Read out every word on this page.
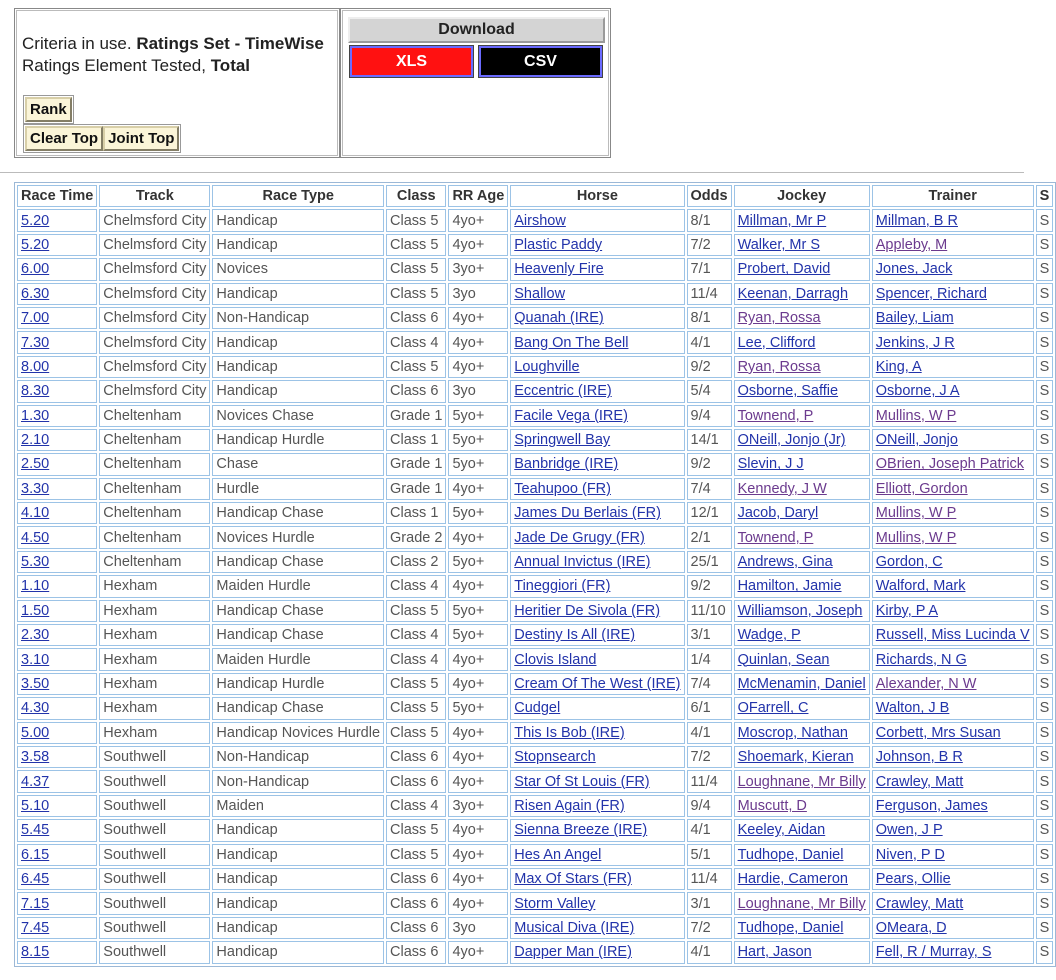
Criteria in use. Ratings Set - TimeWise
Ratings Element Tested, Total
Rank
Clear Top Joint Top
Download
XLS	CSV
Race Time	Track	Race Type	Class	RR Age	Horse	Odds	Jockey	Trainer	S
5.20	Chelmsford City	Handicap	Class 5	4yo+	Airshow	8/1	Millman, Mr P	Millman, B R	S
5.20	Chelmsford City	Handicap	Class 5	4yo+	Plastic Paddy	7/2	Walker, Mr S	Appleby, M	S
6.00	Chelmsford City	Novices	Class 5	3yo+	Heavenly Fire	7/1	Probert, David	Jones, Jack	S
6.30	Chelmsford City	Handicap	Class 5	3yo	Shallow	11/4	Keenan, Darragh	Spencer, Richard	S
7.00	Chelmsford City	Non-Handicap	Class 6	4yo+	Quanah (IRE)	8/1	Ryan, Rossa	Bailey, Liam	S
7.30	Chelmsford City	Handicap	Class 4	4yo+	Bang On The Bell	4/1	Lee, Clifford	Jenkins, J R	S
8.00	Chelmsford City	Handicap	Class 5	4yo+	Loughville	9/2	Ryan, Rossa	King, A	S
8.30	Chelmsford City	Handicap	Class 6	3yo	Eccentric (IRE)	5/4	Osborne, Saffie	Osborne, J A	S
1.30	Cheltenham	Novices Chase	Grade 1	5yo+	Facile Vega (IRE)	9/4	Townend, P	Mullins, W P	S
2.10	Cheltenham	Handicap Hurdle	Class 1	5yo+	Springwell Bay	14/1	ONeill, Jonjo (Jr)	ONeill, Jonjo	S
2.50	Cheltenham	Chase	Grade 1	5yo+	Banbridge (IRE)	9/2	Slevin, J J	OBrien, Joseph Patrick	S
3.30	Cheltenham	Hurdle	Grade 1	4yo+	Teahupoo (FR)	7/4	Kennedy, J W	Elliott, Gordon	S
4.10	Cheltenham	Handicap Chase	Class 1	5yo+	James Du Berlais (FR)	12/1	Jacob, Daryl	Mullins, W P	S
4.50	Cheltenham	Novices Hurdle	Grade 2	4yo+	Jade De Grugy (FR)	2/1	Townend, P	Mullins, W P	S
5.30	Cheltenham	Handicap Chase	Class 2	5yo+	Annual Invictus (IRE)	25/1	Andrews, Gina	Gordon, C	S
1.10	Hexham	Maiden Hurdle	Class 4	4yo+	Tineggiori (FR)	9/2	Hamilton, Jamie	Walford, Mark	S
1.50	Hexham	Handicap Chase	Class 5	5yo+	Heritier De Sivola (FR)	11/10	Williamson, Joseph	Kirby, P A	S
2.30	Hexham	Handicap Chase	Class 4	5yo+	Destiny Is All (IRE)	3/1	Wadge, P	Russell, Miss Lucinda V	S
3.10	Hexham	Maiden Hurdle	Class 4	4yo+	Clovis Island	1/4	Quinlan, Sean	Richards, N G	S
3.50	Hexham	Handicap Hurdle	Class 5	4yo+	Cream Of The West (IRE)	7/4	McMenamin, Daniel	Alexander, N W	S
4.30	Hexham	Handicap Chase	Class 5	5yo+	Cudgel	6/1	OFarrell, C	Walton, J B	S
5.00	Hexham	Handicap Novices Hurdle	Class 5	4yo+	This Is Bob (IRE)	4/1	Moscrop, Nathan	Corbett, Mrs Susan	S
3.58	Southwell	Non-Handicap	Class 6	4yo+	Stopnsearch	7/2	Shoemark, Kieran	Johnson, B R	S
4.37	Southwell	Non-Handicap	Class 6	4yo+	Star Of St Louis (FR)	11/4	Loughnane, Mr Billy	Crawley, Matt	S
5.10	Southwell	Maiden	Class 4	3yo+	Risen Again (FR)	9/4	Muscutt, D	Ferguson, James	S
5.45	Southwell	Handicap	Class 5	4yo+	Sienna Breeze (IRE)	4/1	Keeley, Aidan	Owen, J P	S
6.15	Southwell	Handicap	Class 5	4yo+	Hes An Angel	5/1	Tudhope, Daniel	Niven, P D	S
6.45	Southwell	Handicap	Class 6	4yo+	Max Of Stars (FR)	11/4	Hardie, Cameron	Pears, Ollie	S
7.15	Southwell	Handicap	Class 6	4yo+	Storm Valley	3/1	Loughnane, Mr Billy	Crawley, Matt	S
7.45	Southwell	Handicap	Class 6	3yo	Musical Diva (IRE)	7/2	Tudhope, Daniel	OMeara, D	S
8.15	Southwell	Handicap	Class 6	4yo+	Dapper Man (IRE)	4/1	Hart, Jason	Fell, R / Murray, S	S
